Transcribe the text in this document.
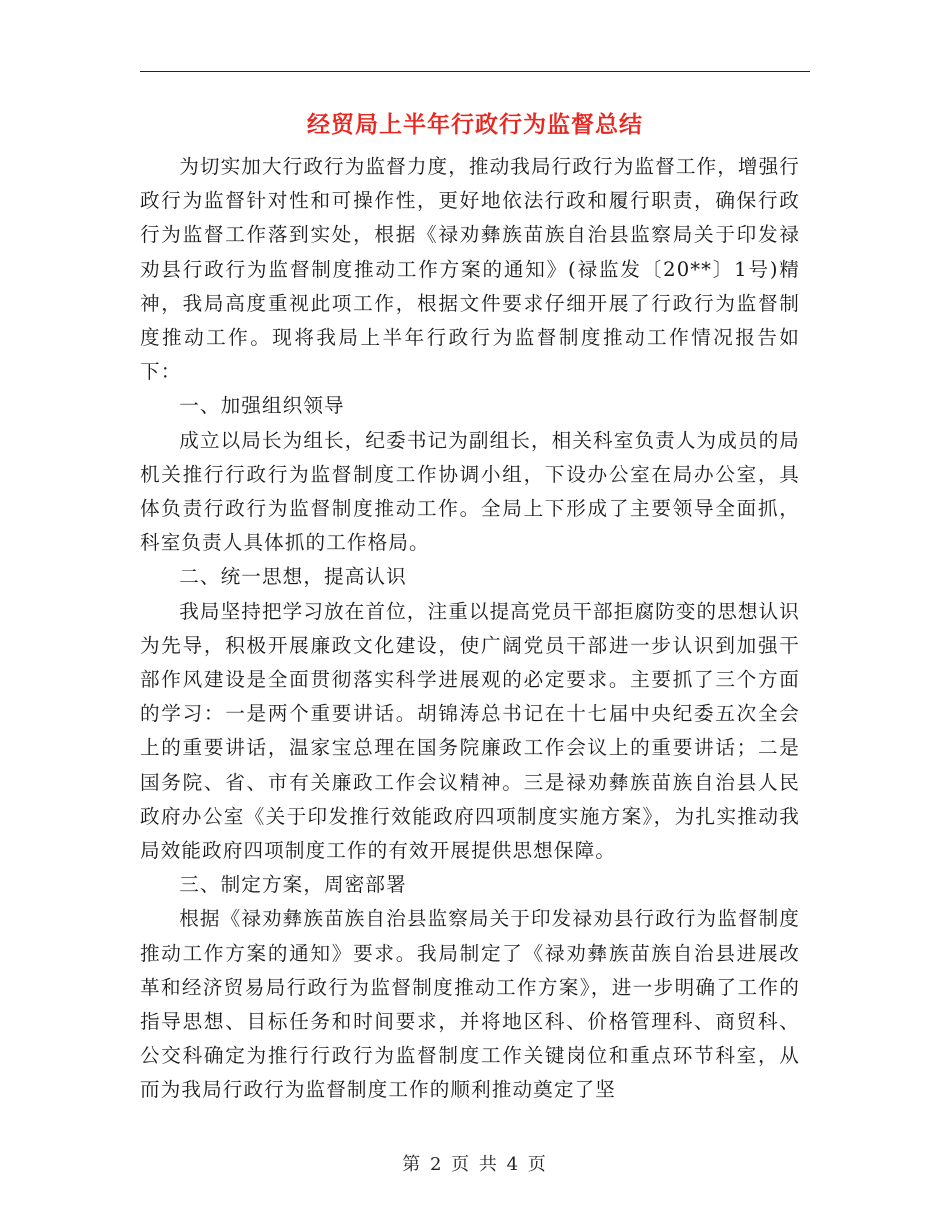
经贸局上半年行政行为监督总结

为切实加大行政行为监督力度，推动我局行政行为监督工作，增强行政行为监督针对性和可操作性，更好地依法行政和履行职责，确保行政行为监督工作落到实处，根据《禄劝彝族苗族自治县监察局关于印发禄劝县行政行为监督制度推动工作方案的通知》(禄监发〔20**〕1号)精神，我局高度重视此项工作，根据文件要求仔细开展了行政行为监督制度推动工作。现将我局上半年行政行为监督制度推动工作情况报告如下：

一、加强组织领导

成立以局长为组长，纪委书记为副组长，相关科室负责人为成员的局机关推行行政行为监督制度工作协调小组，下设办公室在局办公室，具体负责行政行为监督制度推动工作。全局上下形成了主要领导全面抓，科室负责人具体抓的工作格局。

二、统一思想，提高认识

我局坚持把学习放在首位，注重以提高党员干部拒腐防变的思想认识为先导，积极开展廉政文化建设，使广阔党员干部进一步认识到加强干部作风建设是全面贯彻落实科学进展观的必定要求。主要抓了三个方面的学习：一是两个重要讲话。胡锦涛总书记在十七届中央纪委五次全会上的重要讲话，温家宝总理在国务院廉政工作会议上的重要讲话；二是国务院、省、市有关廉政工作会议精神。三是禄劝彝族苗族自治县人民政府办公室《关于印发推行效能政府四项制度实施方案》，为扎实推动我局效能政府四项制度工作的有效开展提供思想保障。

三、制定方案，周密部署

根据《禄劝彝族苗族自治县监察局关于印发禄劝县行政行为监督制度推动工作方案的通知》要求。我局制定了《禄劝彝族苗族自治县进展改革和经济贸易局行政行为监督制度推动工作方案》，进一步明确了工作的指导思想、目标任务和时间要求，并将地区科、价格管理科、商贸科、公交科确定为推行行政行为监督制度工作关键岗位和重点环节科室，从而为我局行政行为监督制度工作的顺利推动奠定了坚

第 2 页 共 4 页
